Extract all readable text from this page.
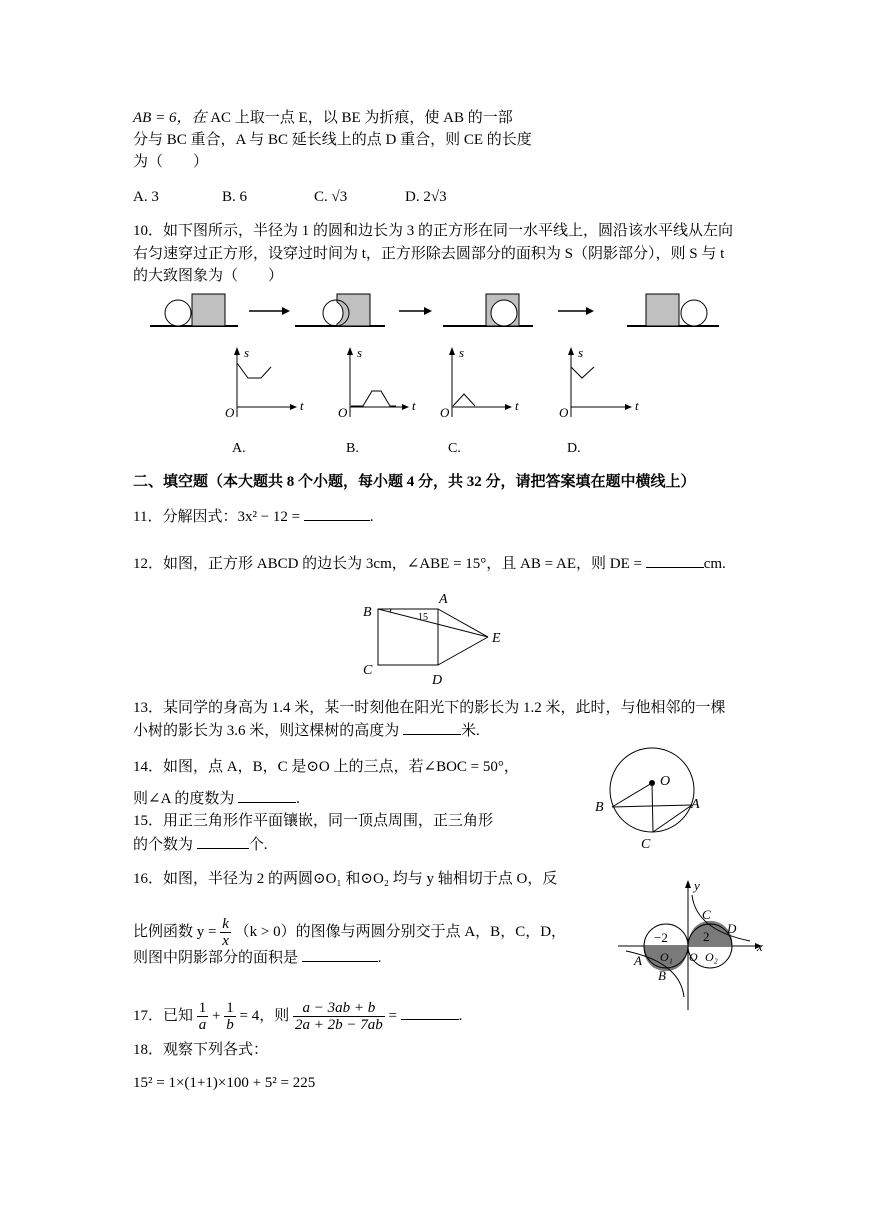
AB = 6，在 AC 上取一点 E，以 BE 为折痕，使 AB 的一部
分与 BC 重合，A 与 BC 延长线上的点 D 重合，则 CE 的长度
为（　　）
A. 3	B. 6	C. √3	D. 2√3
10．如下图所示，半径为 1 的圆和边长为 3 的正方形在同一水平线上，圆沿该水平线从左向
右匀速穿过正方形，设穿过时间为 t，正方形除去圆部分的面积为 S（阴影部分），则 S 与 t
的大致图象为（　　）
s
t
O
A.
s
t
O
B.
s
t
O
C.
s
t
O
D.
二、填空题（本大题共 8 个小题，每小题 4 分，共 32 分，请把答案填在题中横线上）
11．分解因式：3x² − 12 =	.
12．如图，正方形 ABCD 的边长为 3cm，∠ABE = 15°，且 AB = AE，则 DE =	cm.
B
A
15
E
C
D
13．某同学的身高为 1.4 米，某一时刻他在阳光下的影长为 1.2 米，此时，与他相邻的一棵
小树的影长为 3.6 米，则这棵树的高度为	米.
14．如图，点 A，B，C 是⊙O 上的三点，若∠BOC = 50°，
则∠A 的度数为	.
O
B	A
C
15．用正三角形作平面镶嵌，同一顶点周围，正三角形
的个数为	个.
16．如图，半径为 2 的两圆⊙O₁ 和⊙O₂ 均与 y 轴相切于点 O，反
比例函数 $y = \frac{k}{x} (k > 0)$的图像与两圆分别交于点 A，B，C，D，
则图中阴影部分的面积是	.
y
x
C
D
−2	2
O₁ O O₂
A
B
17．已知 $\frac{1}{a} + \frac{1}{b} = 4$，则 $\frac{a - 3ab + b}{2a + 2b - 7ab}$ =	.
18．观察下列各式：
15² = 1×(1+1)×100 + 5² = 225
